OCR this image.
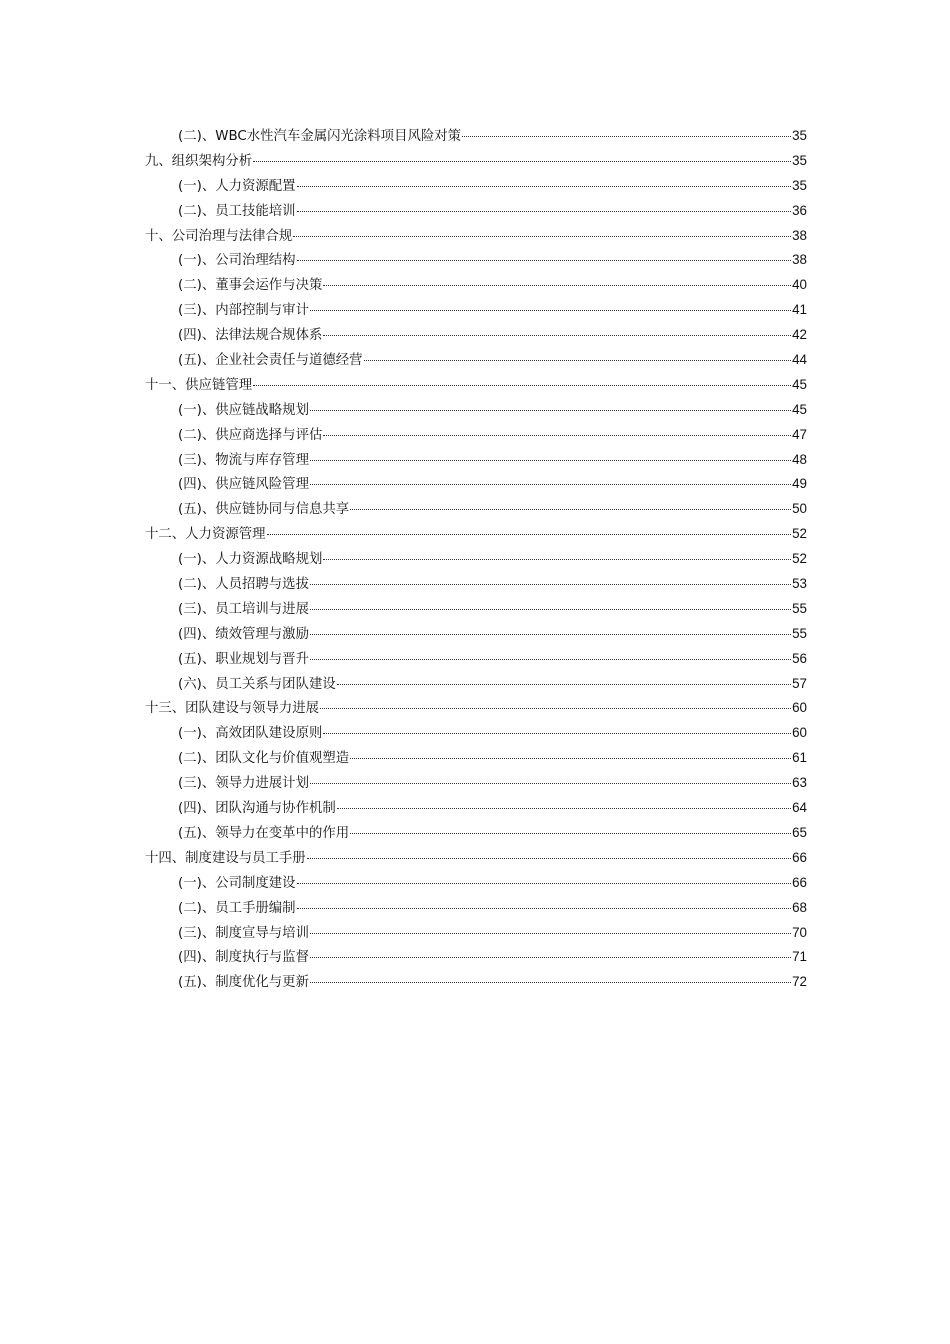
(二)、WBC水性汽车金属闪光涂料项目风险对策	35
九、组织架构分析	35
(一)、人力资源配置	35
(二)、员工技能培训	36
十、公司治理与法律合规	38
(一)、公司治理结构	38
(二)、董事会运作与决策	40
(三)、内部控制与审计	41
(四)、法律法规合规体系	42
(五)、企业社会责任与道德经营	44
十一、供应链管理	45
(一)、供应链战略规划	45
(二)、供应商选择与评估	47
(三)、物流与库存管理	48
(四)、供应链风险管理	49
(五)、供应链协同与信息共享	50
十二、人力资源管理	52
(一)、人力资源战略规划	52
(二)、人员招聘与选拔	53
(三)、员工培训与进展	55
(四)、绩效管理与激励	55
(五)、职业规划与晋升	56
(六)、员工关系与团队建设	57
十三、团队建设与领导力进展	60
(一)、高效团队建设原则	60
(二)、团队文化与价值观塑造	61
(三)、领导力进展计划	63
(四)、团队沟通与协作机制	64
(五)、领导力在变革中的作用	65
十四、制度建设与员工手册	66
(一)、公司制度建设	66
(二)、员工手册编制	68
(三)、制度宣导与培训	70
(四)、制度执行与监督	71
(五)、制度优化与更新	72
